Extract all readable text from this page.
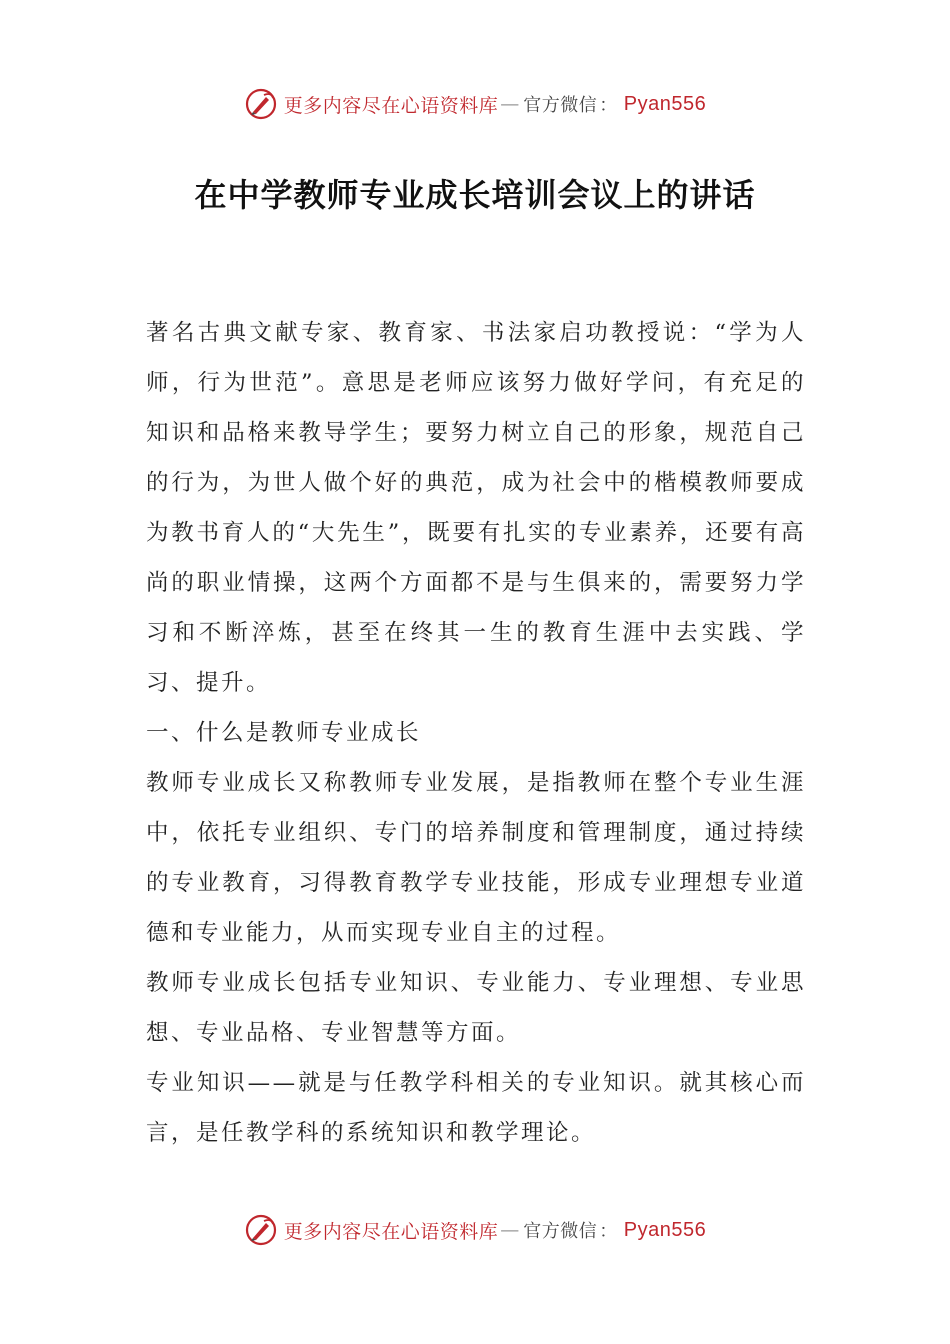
更多内容尽在心语资料库 — 官方微信 ： Pyan556
在中学教师专业成长培训会议上的讲话

著名古典文献专家、教育家、书法家启功教授说：“学为人师，行为世范”。意思是老师应该努力做好学问，有充足的知识和品格来教导学生；要努力树立自己的形象，规范自己的行为，为世人做个好的典范，成为社会中的楷模教师要成为教书育人的“大先生”，既要有扎实的专业素养，还要有高尚的职业情操，这两个方面都不是与生俱来的，需要努力学习和不断淬炼，甚至在终其一生的教育生涯中去实践、学习、提升。

一、什么是教师专业成长

教师专业成长又称教师专业发展，是指教师在整个专业生涯中，依托专业组织、专门的培养制度和管理制度，通过持续的专业教育，习得教育教学专业技能，形成专业理想专业道德和专业能力，从而实现专业自主的过程。

教师专业成长包括专业知识、专业能力、专业理想、专业思想、专业品格、专业智慧等方面。

专业知识——就是与任教学科相关的专业知识。就其核心而言，是任教学科的系统知识和教学理论。

更多内容尽在心语资料库 — 官方微信 ： Pyan556
